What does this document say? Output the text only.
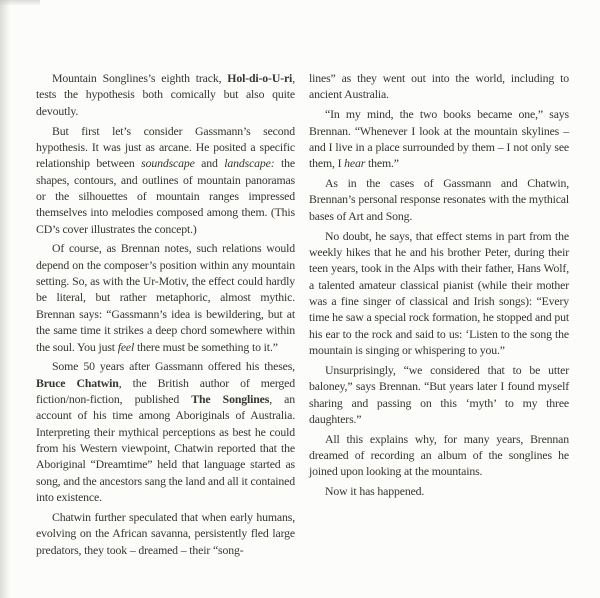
Mountain Songlines’s eighth track, Hol-di-o-U-ri, tests the hypothesis both comically but also quite devoutly.

But first let’s consider Gassmann’s second hypothesis. It was just as arcane. He posited a specific relationship between soundscape and landscape: the shapes, contours, and outlines of mountain panoramas or the silhouettes of mountain ranges impressed themselves into melodies composed among them. (This CD’s cover illustrates the concept.)

Of course, as Brennan notes, such relations would depend on the composer’s position within any mountain setting. So, as with the Ur-Motiv, the effect could hardly be literal, but rather metaphoric, almost mythic. Brennan says: “Gassmann’s idea is bewildering, but at the same time it strikes a deep chord somewhere within the soul. You just feel there must be something to it.”

Some 50 years after Gassmann offered his theses, Bruce Chatwin, the British author of merged fiction/non-fiction, published The Songlines, an account of his time among Aboriginals of Australia. Interpreting their mythical perceptions as best he could from his Western viewpoint, Chatwin reported that the Aboriginal “Dreamtime” held that language started as song, and the ancestors sang the land and all it contained into existence.

Chatwin further speculated that when early humans, evolving on the African savanna, persistently fled large predators, they took – dreamed – their “song-

lines” as they went out into the world, including to ancient Australia.

“In my mind, the two books became one,” says Brennan. “Whenever I look at the mountain skylines – and I live in a place surrounded by them – I not only see them, I hear them.”

As in the cases of Gassmann and Chatwin, Brennan’s personal response resonates with the mythical bases of Art and Song.

No doubt, he says, that effect stems in part from the weekly hikes that he and his brother Peter, during their teen years, took in the Alps with their father, Hans Wolf, a talented amateur classical pianist (while their mother was a fine singer of classical and Irish songs): “Every time he saw a special rock formation, he stopped and put his ear to the rock and said to us: ‘Listen to the song the mountain is singing or whispering to you.”

Unsurprisingly, “we considered that to be utter baloney,” says Brennan. “But years later I found myself sharing and passing on this ‘myth’ to my three daughters.”

All this explains why, for many years, Brennan dreamed of recording an album of the songlines he joined upon looking at the mountains.

Now it has happened.
